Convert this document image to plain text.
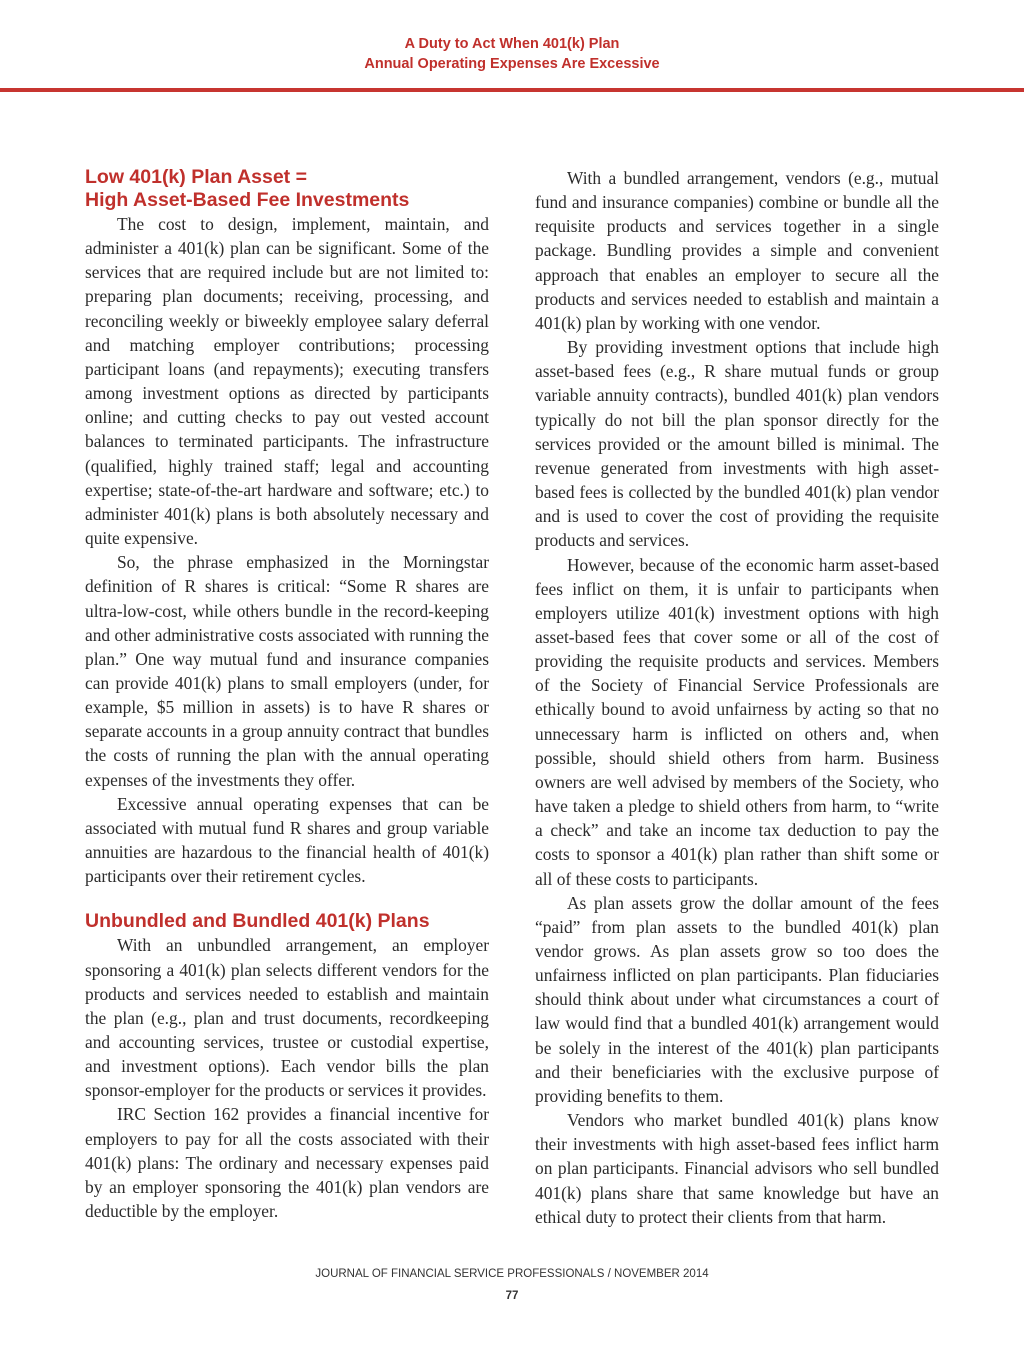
A Duty to Act When 401(k) Plan
Annual Operating Expenses Are Excessive
Low 401(k) Plan Asset =
High Asset-Based Fee Investments

The cost to design, implement, maintain, and administer a 401(k) plan can be significant. Some of the services that are required include but are not limited to: preparing plan documents; receiving, processing, and reconciling weekly or biweekly employee salary deferral and matching employer contributions; processing participant loans (and repayments); executing transfers among investment options as directed by participants online; and cutting checks to pay out vested account balances to terminated participants. The infrastructure (qualified, highly trained staff; legal and accounting expertise; state-of-the-art hardware and software; etc.) to administer 401(k) plans is both absolutely necessary and quite expensive.

So, the phrase emphasized in the Morningstar definition of R shares is critical: “Some R shares are ultra-low-cost, while others bundle in the record-keeping and other administrative costs associated with running the plan.” One way mutual fund and insurance companies can provide 401(k) plans to small employers (under, for example, $5 million in assets) is to have R shares or separate accounts in a group annuity contract that bundles the costs of running the plan with the annual operating expenses of the investments they offer.

Excessive annual operating expenses that can be associated with mutual fund R shares and group variable annuities are hazardous to the financial health of 401(k) participants over their retirement cycles.

Unbundled and Bundled 401(k) Plans

With an unbundled arrangement, an employer sponsoring a 401(k) plan selects different vendors for the products and services needed to establish and maintain the plan (e.g., plan and trust documents, recordkeeping and accounting services, trustee or custodial expertise, and investment options). Each vendor bills the plan sponsor-employer for the products or services it provides.

IRC Section 162 provides a financial incentive for employers to pay for all the costs associated with their 401(k) plans: The ordinary and necessary expenses paid by an employer sponsoring the 401(k) plan vendors are deductible by the employer.

With a bundled arrangement, vendors (e.g., mutual fund and insurance companies) combine or bundle all the requisite products and services together in a single package. Bundling provides a simple and convenient approach that enables an employer to secure all the products and services needed to establish and maintain a 401(k) plan by working with one vendor.

By providing investment options that include high asset-based fees (e.g., R share mutual funds or group variable annuity contracts), bundled 401(k) plan vendors typically do not bill the plan sponsor directly for the services provided or the amount billed is minimal. The revenue generated from investments with high asset-based fees is collected by the bundled 401(k) plan vendor and is used to cover the cost of providing the requisite products and services.

However, because of the economic harm asset-based fees inflict on them, it is unfair to participants when employers utilize 401(k) investment options with high asset-based fees that cover some or all of the cost of providing the requisite products and services. Members of the Society of Financial Service Professionals are ethically bound to avoid unfairness by acting so that no unnecessary harm is inflicted on others and, when possible, should shield others from harm. Business owners are well advised by members of the Society, who have taken a pledge to shield others from harm, to “write a check” and take an income tax deduction to pay the costs to sponsor a 401(k) plan rather than shift some or all of these costs to participants.

As plan assets grow the dollar amount of the fees “paid” from plan assets to the bundled 401(k) plan vendor grows. As plan assets grow so too does the unfairness inflicted on plan participants. Plan fiduciaries should think about under what circumstances a court of law would find that a bundled 401(k) arrangement would be solely in the interest of the 401(k) plan participants and their beneficiaries with the exclusive purpose of providing benefits to them.

Vendors who market bundled 401(k) plans know their investments with high asset-based fees inflict harm on plan participants. Financial advisors who sell bundled 401(k) plans share that same knowledge but have an ethical duty to protect their clients from that harm.

JOURNAL OF FINANCIAL SERVICE PROFESSIONALS / NOVEMBER 2014
77
